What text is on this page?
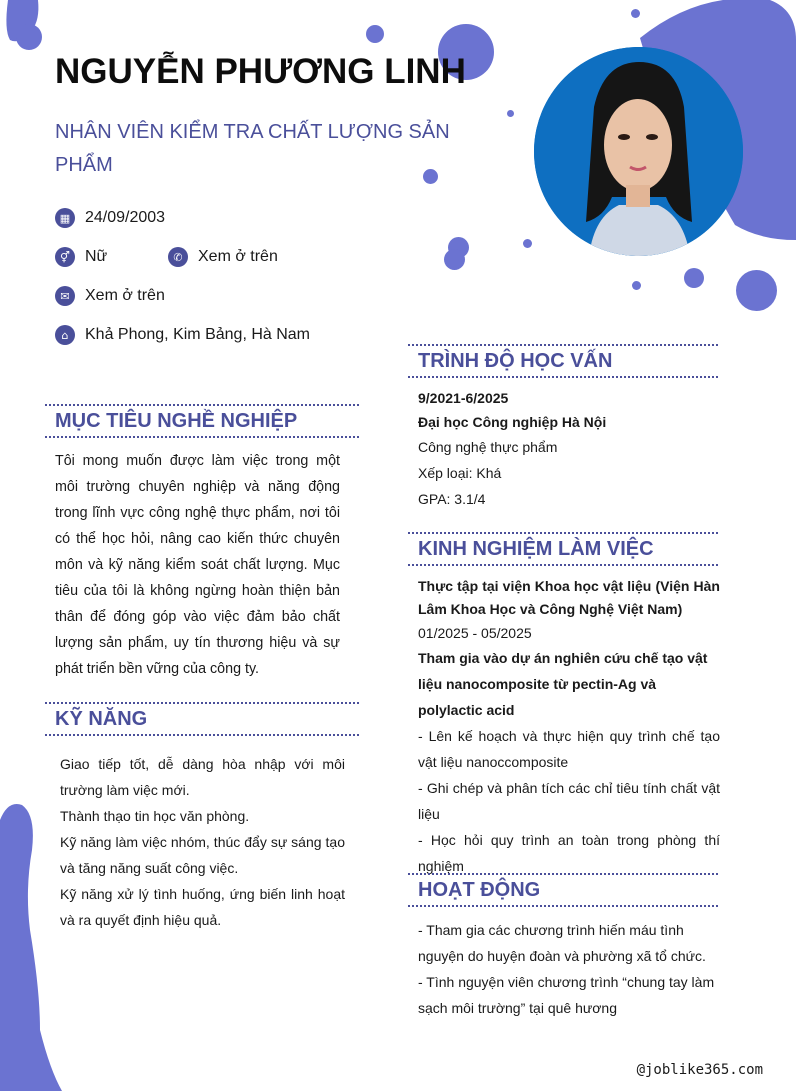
NGUYỄN PHƯƠNG LINH
NHÂN VIÊN KIỂM TRA CHẤT LƯỢNG SẢN PHẨM
▦ 24/09/2003
⚥ Nữ	✆ Xem ở trên
✉ Xem ở trên
⌂	Khả Phong, Kim Bảng, Hà Nam
MỤC TIÊU NGHỀ NGHIỆP
Tôi mong muốn được làm việc trong một môi trường chuyên nghiệp và năng động trong lĩnh vực công nghệ thực phẩm, nơi tôi có thể học hỏi, nâng cao kiến thức chuyên môn và kỹ năng kiểm soát chất lượng. Mục tiêu của tôi là không ngừng hoàn thiện bản thân để đóng góp vào việc đảm bảo chất lượng sản phẩm, uy tín thương hiệu và sự phát triển bền vững của công ty.
KỸ NĂNG
Giao tiếp tốt, dễ dàng hòa nhập với môi trường làm việc mới.
Thành thạo tin học văn phòng.
Kỹ năng làm việc nhóm, thúc đẩy sự sáng tạo và tăng năng suất công việc.
Kỹ năng xử lý tình huống, ứng biến linh hoạt và ra quyết định hiệu quả.
TRÌNH ĐỘ HỌC VẤN
9/2021-6/2025
Đại học Công nghiệp Hà Nội
Công nghệ thực phẩm
Xếp loại: Khá
GPA: 3.1/4
KINH NGHIỆM LÀM VIỆC
Thực tập tại viện Khoa học vật liệu (Viện Hàn Lâm Khoa Học và Công Nghệ Việt Nam)
01/2025 - 05/2025
Tham gia vào dự án nghiên cứu chế tạo vật liệu nanocomposite từ pectin-Ag và polylactic acid
- Lên kế hoạch và thực hiện quy trình chế tạo vật liệu nanoccomposite
- Ghi chép và phân tích các chỉ tiêu tính chất vật liệu
- Học hỏi quy trình an toàn trong phòng thí nghiệm
HOẠT ĐỘNG
- Tham gia các chương trình hiến máu tình nguyện do huyện đoàn và phường xã tổ chức.
- Tình nguyện viên chương trình “chung tay làm sạch môi trường” tại quê hương
@joblike365.com
